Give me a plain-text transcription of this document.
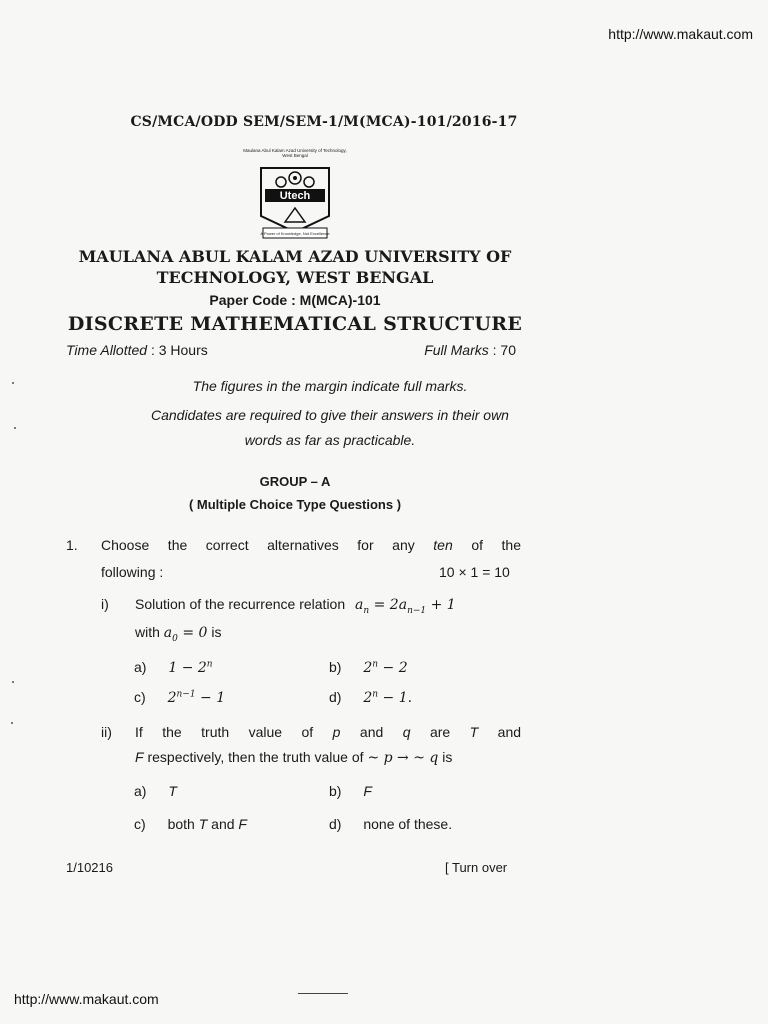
http://www.makaut.com
CS/MCA/ODD SEM/SEM-1/M(MCA)-101/2016-17
Maulana Abul Kalam Azad University of Technology, West Bengal
Utech
A Power of Knowledge, Not Excellence
MAULANA ABUL KALAM AZAD UNIVERSITY OF
TECHNOLOGY, WEST BENGAL
Paper Code : M(MCA)-101
DISCRETE MATHEMATICAL STRUCTURE
Time Allotted : 3 Hours	Full Marks : 70
The figures in the margin indicate full marks.
Candidates are required to give their answers in their own
words as far as practicable.
GROUP – A
( Multiple Choice Type Questions )
1. Choose the correct alternatives for any ten of the
following :	10 × 1 = 10
i) Solution of the recurrence relation $a_n = 2a_{n-1} + 1$
with $a_0 = 0$ is
a) $1 - 2^n$	b) $2^n - 2$
c) $2^{n-1} - 1$	d) $2^n - 1$.
ii) If the truth value of p and q are T and
F respectively, then the truth value of ~ p → ~ q is
a) T	b) F
c) both T and F	d) none of these.
1/10216	[ Turn over
http://www.makaut.com
